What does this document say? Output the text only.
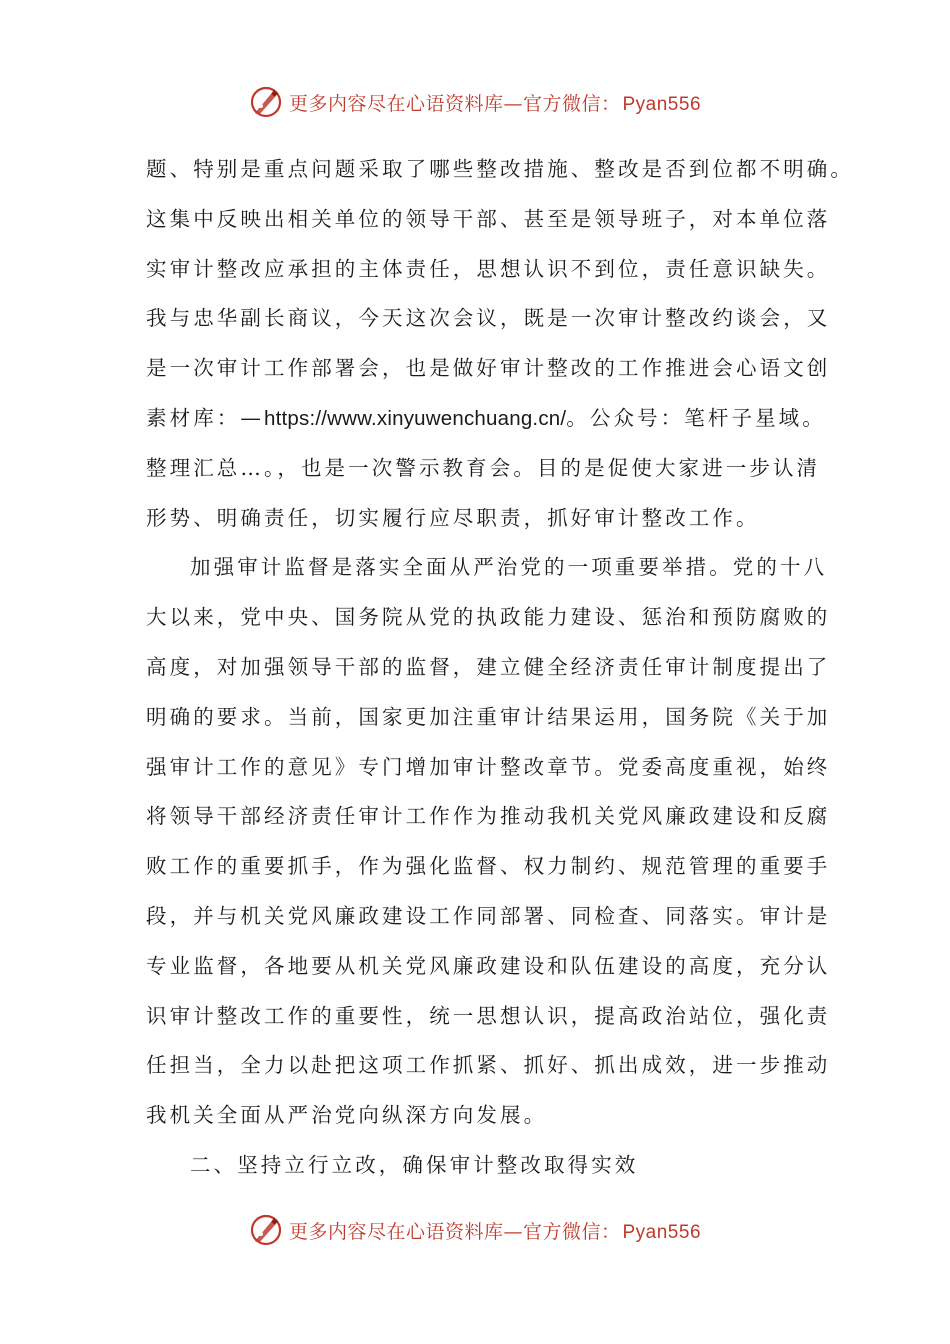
更多内容尽在心语资料库—官方微信： Pyan556
题、特别是重点问题采取了哪些整改措施、整改是否到位都不明确。
这集中反映出相关单位的领导干部、甚至是领导班子，对本单位落
实审计整改应承担的主体责任，思想认识不到位，责任意识缺失。
我与忠华副长商议，今天这次会议，既是一次审计整改约谈会，又
是一次审计工作部署会，也是做好审计整改的工作推进会心语文创
素材库：—https://www.xinyuwenchuang.cn/。公众号：笔杆子星域。
整理汇总…。，也是一次警示教育会。目的是促使大家进一步认清
形势、明确责任，切实履行应尽职责，抓好审计整改工作。
加强审计监督是落实全面从严治党的一项重要举措。党的十八
大以来，党中央、国务院从党的执政能力建设、惩治和预防腐败的
高度，对加强领导干部的监督，建立健全经济责任审计制度提出了
明确的要求。当前，国家更加注重审计结果运用，国务院《关于加
强审计工作的意见》专门增加审计整改章节。党委高度重视，始终
将领导干部经济责任审计工作作为推动我机关党风廉政建设和反腐
败工作的重要抓手，作为强化监督、权力制约、规范管理的重要手
段，并与机关党风廉政建设工作同部署、同检查、同落实。审计是
专业监督，各地要从机关党风廉政建设和队伍建设的高度，充分认
识审计整改工作的重要性，统一思想认识，提高政治站位，强化责
任担当，全力以赴把这项工作抓紧、抓好、抓出成效，进一步推动
我机关全面从严治党向纵深方向发展。
二、坚持立行立改，确保审计整改取得实效
更多内容尽在心语资料库—官方微信： Pyan556
